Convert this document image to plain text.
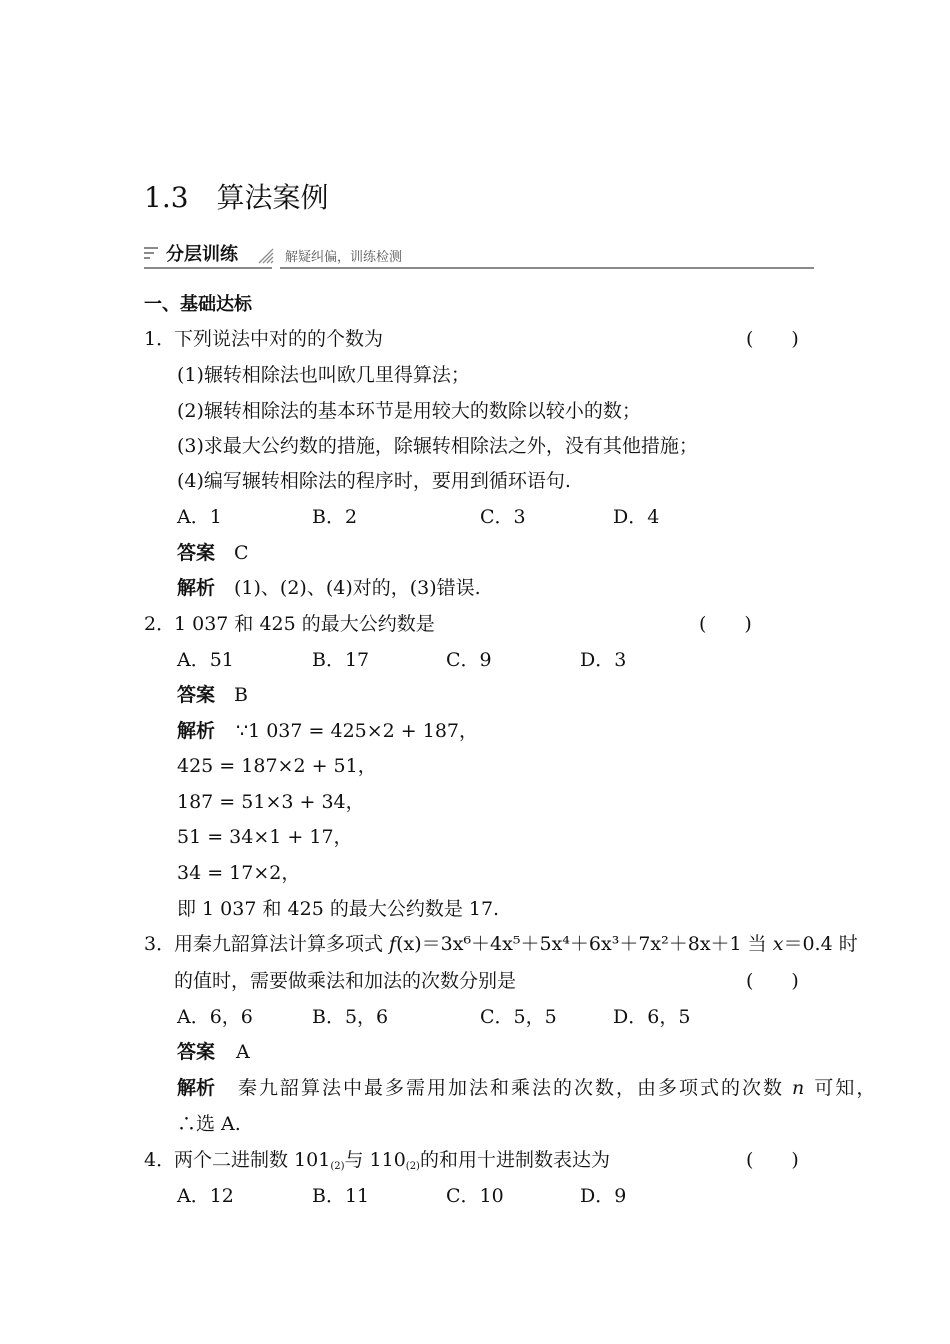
1.3 算法案例
分层训练	解疑纠偏，训练检测
一、基础达标
1．
下列说法中对的的个数为	(　　)
(1)辗转相除法也叫欧几里得算法；
(2)辗转相除法的基本环节是用较大的数除以较小的数；
(3)求最大公约数的措施，除辗转相除法之外，没有其他措施；
(4)编写辗转相除法的程序时，要用到循环语句.
A．1	B．2	C．3	D．4
答案 C
解析 (1)、(2)、(4)对的，(3)错误.
2．
1 037 和 425 的最大公约数是	(　　)
A．51	B．17	C．9	D．3
答案 B
解析 ∵1 037 = 425×2 + 187，
425 = 187×2 + 51，
187 = 51×3 + 34，
51 = 34×1 + 17，
34 = 17×2，
即 1 037 和 425 的最大公约数是 17.
3．
用秦九韶算法计算多项式 f(x)＝3x⁶＋4x⁵＋5x⁴＋6x³＋7x²＋8x＋1 当 x＝0.4 时
的值时，需要做乘法和加法的次数分别是	(　　)
A．6，6	B．5，6	C．5，5	D．6，5
答案 A
解析 秦九韶算法中最多需用加法和乘法的次数，由多项式的次数 n 可知，
∴选 A.
4．
两个二进制数 $101_{(2)}$与 $110_{(2)}$的和用十进制数表达为	(　　)
A．12	B．11	C．10	D．9
